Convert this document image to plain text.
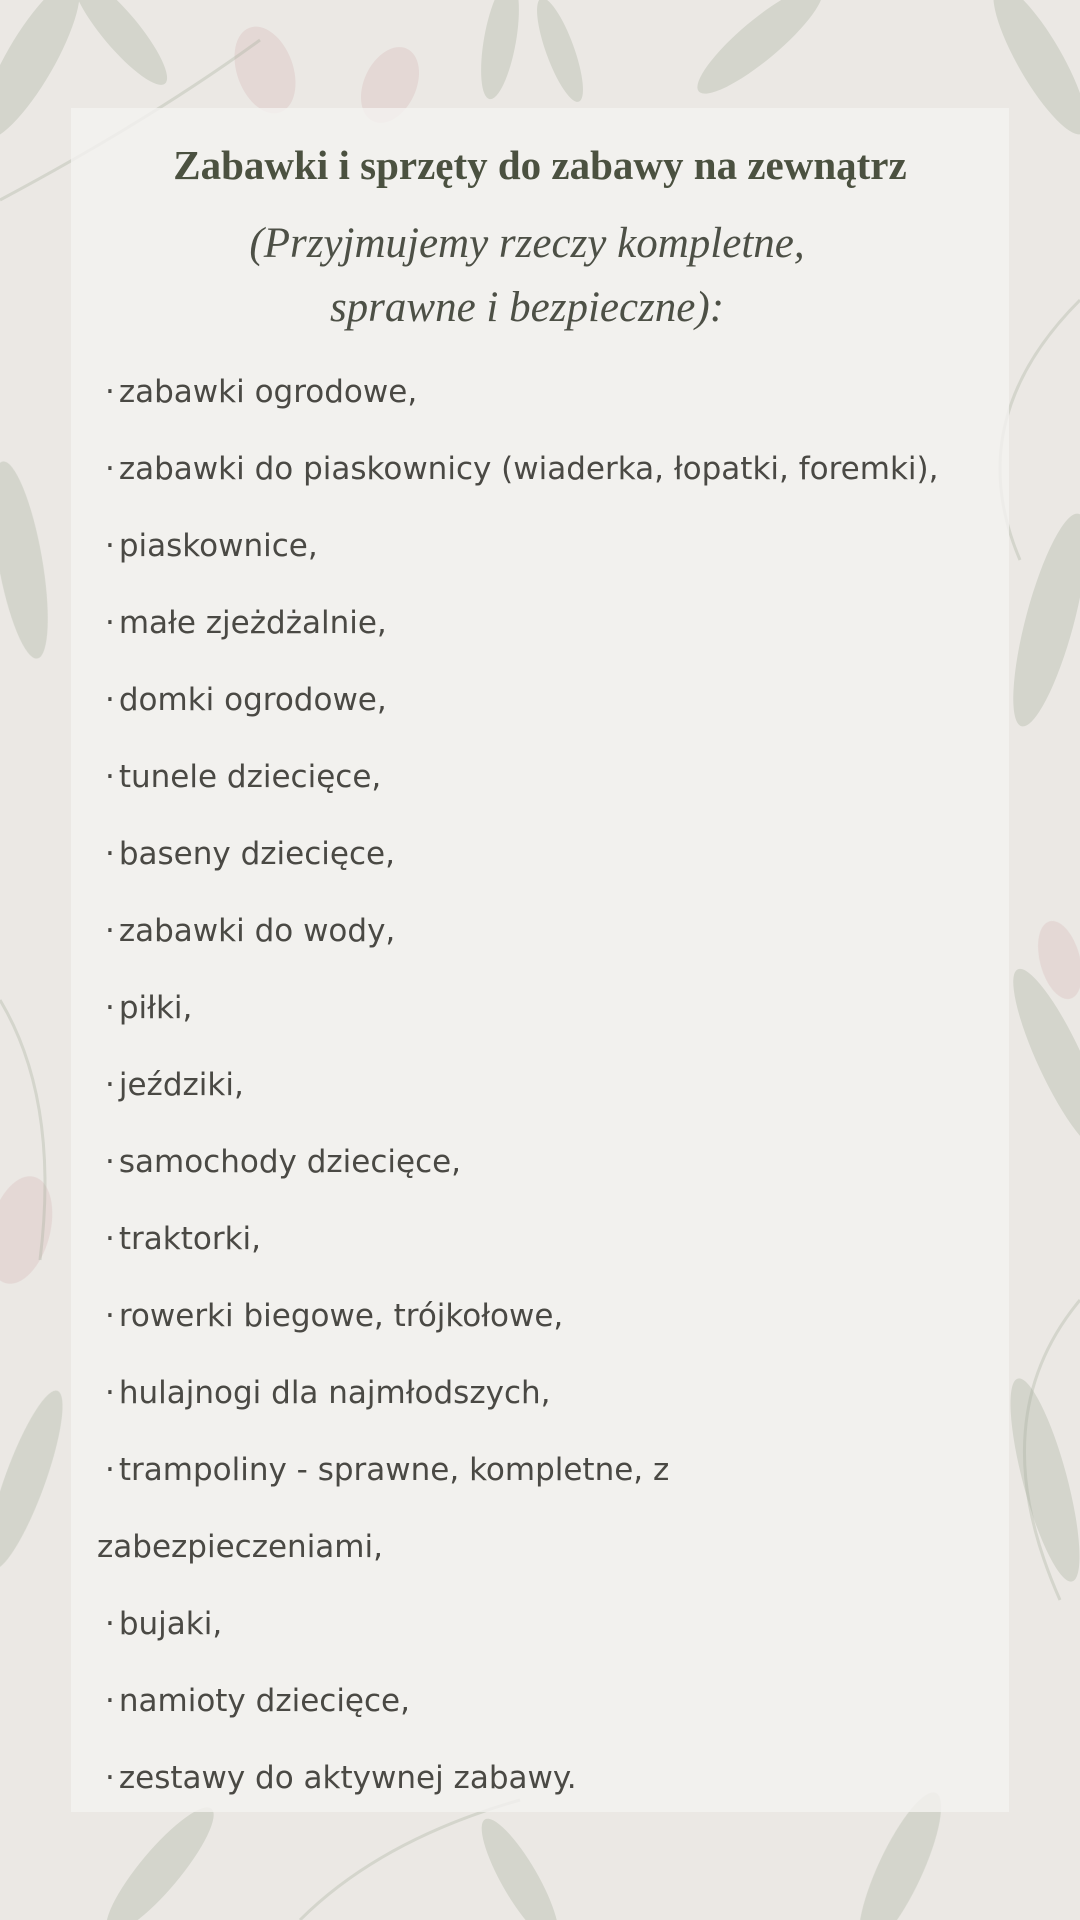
Zabawki i sprzęty do zabawy na zewnątrz

(Przyjmujemy rzeczy kompletne,
sprawne i bezpieczne):

· zabawki ogrodowe,
· zabawki do piaskownicy (wiaderka, łopatki, foremki),
· piaskownice,
· małe zjeżdżalnie,
· domki ogrodowe,
· tunele dziecięce,
· baseny dziecięce,
· zabawki do wody,
· piłki,
· jeździki,
· samochody dziecięce,
· traktorki,
· rowerki biegowe, trójkołowe,
· hulajnogi dla najmłodszych,
· trampoliny - sprawne, kompletne, z zabezpieczeniami,
· bujaki,
· namioty dziecięce,
· zestawy do aktywnej zabawy.
